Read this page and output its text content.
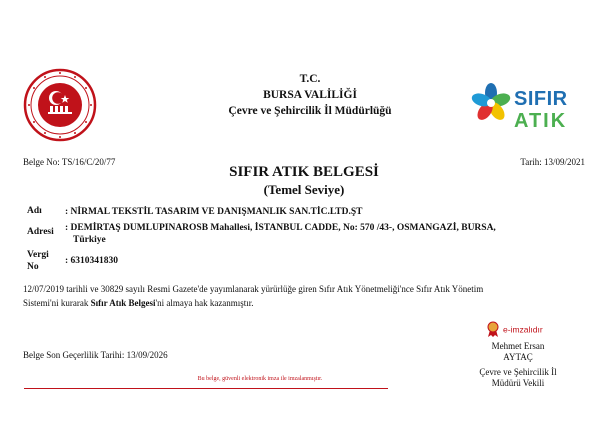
T.C.
BURSA VALİLİĞİ
Çevre ve Şehircilik İl Müdürlüğü
SIFIR
ATIK
Belge No: TS/16/C/20/77	Tarih: 13/09/2021
SIFIR ATIK BELGESİ
(Temel Seviye)
Adı : NİRMAL TEKSTİL TASARIM VE DANIŞMANLIK SAN.TİC.LTD.ŞT
Adresi : DEMİRTAŞ DUMLUPINAROSB Mahallesi, İSTANBUL CADDE, No: 570 /43-, OSMANGAZİ, BURSA,
Türkiye
Vergi
No
: 6310341830
12/07/2019 tarihli ve 30829 sayılı Resmi Gazete'de yayımlanarak yürürlüğe giren Sıfır Atık Yönetmeliği'nce Sıfır Atık Yönetim
Sistemi'ni kurarak Sıfır Atık Belgesi'ni almaya hak kazanmıştır.
e-imzalıdır
Mehmet Ersan
AYTAÇ
Çevre ve Şehircilik İl
Müdürü Vekili
Belge Son Geçerlilik Tarihi: 13/09/2026
Bu belge, güvenli elektronik imza ile imzalanmıştır.
